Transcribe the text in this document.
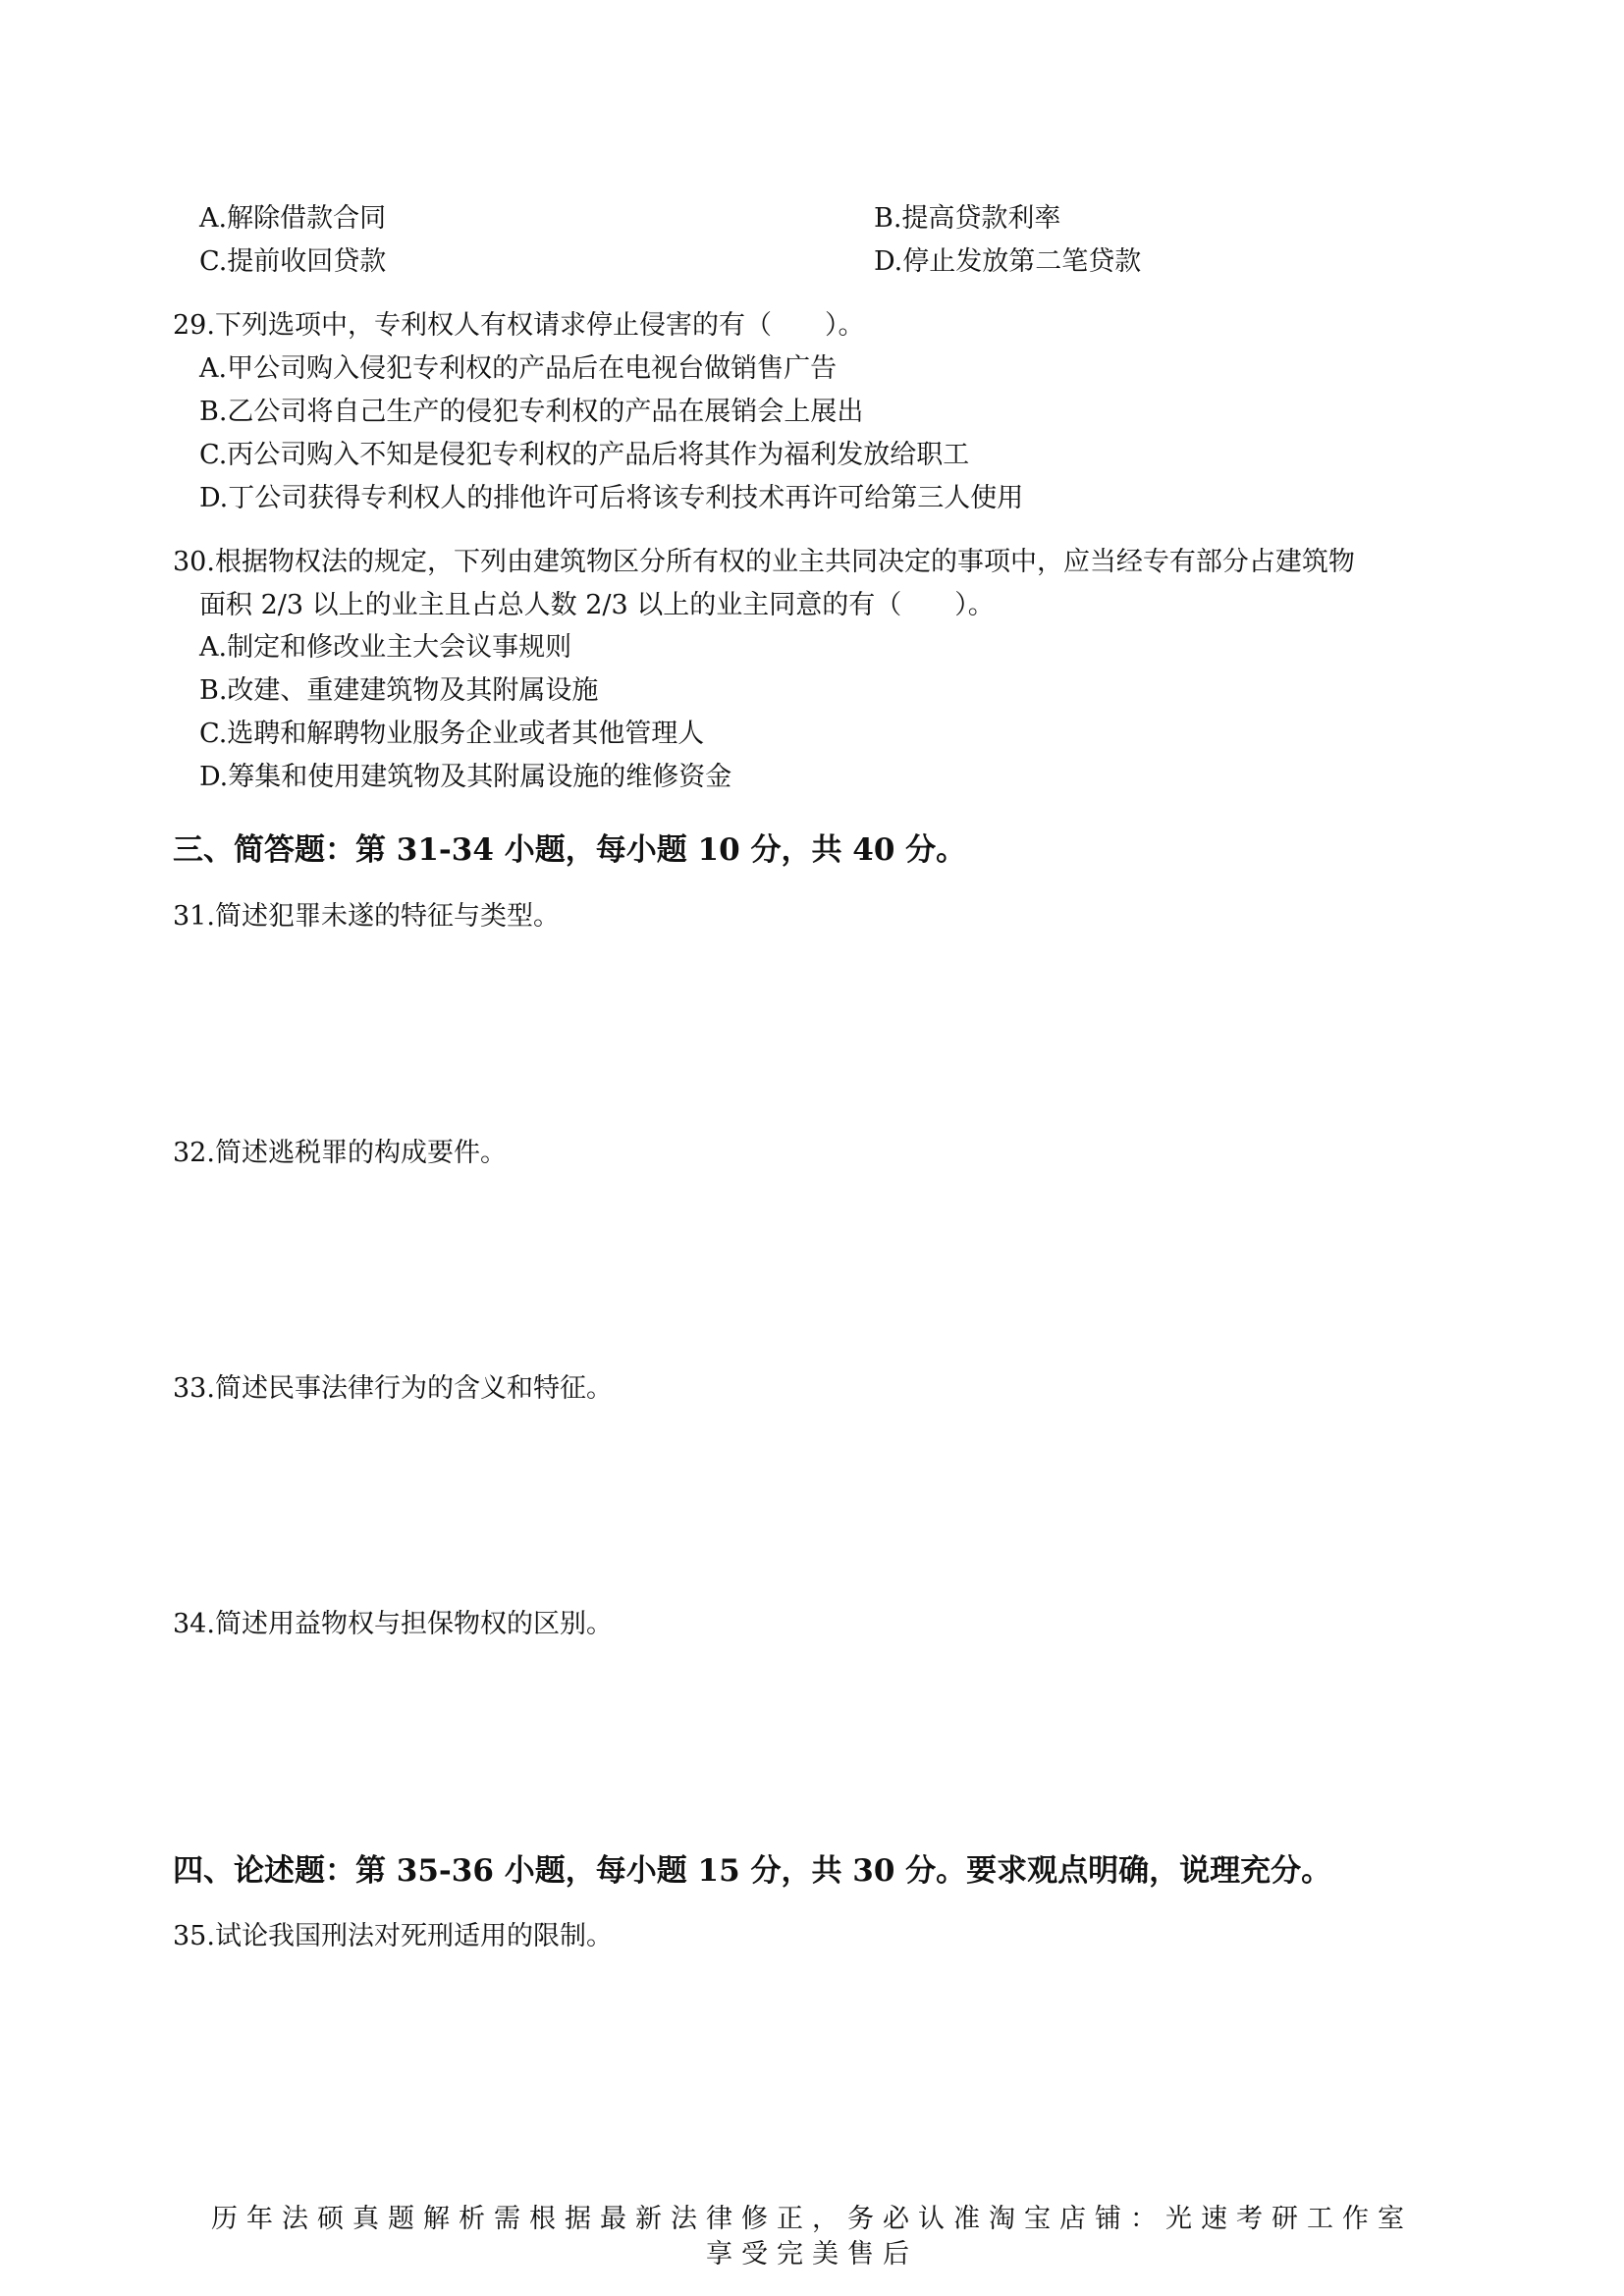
A.解除借款合同	B.提高贷款利率
C.提前收回贷款	D.停止发放第二笔贷款
29.下列选项中，专利权人有权请求停止侵害的有（　　）。
A.甲公司购入侵犯专利权的产品后在电视台做销售广告
B.乙公司将自己生产的侵犯专利权的产品在展销会上展出
C.丙公司购入不知是侵犯专利权的产品后将其作为福利发放给职工
D.丁公司获得专利权人的排他许可后将该专利技术再许可给第三人使用
30.根据物权法的规定，下列由建筑物区分所有权的业主共同决定的事项中，应当经专有部分占建筑物
面积 2/3 以上的业主且占总人数 2/3 以上的业主同意的有（　　）。
A.制定和修改业主大会议事规则
B.改建、重建建筑物及其附属设施
C.选聘和解聘物业服务企业或者其他管理人
D.筹集和使用建筑物及其附属设施的维修资金
三、简答题：第 31-34 小题，每小题 10 分，共 40 分。
31.简述犯罪未遂的特征与类型。
32.简述逃税罪的构成要件。
33.简述民事法律行为的含义和特征。
34.简述用益物权与担保物权的区别。
四、论述题：第 35-36 小题，每小题 15 分，共 30 分。要求观点明确，说理充分。
35.试论我国刑法对死刑适用的限制。
历年法硕真题解析需根据最新法律修正，务必认准淘宝店铺：光速考研工作室
享受完美售后
